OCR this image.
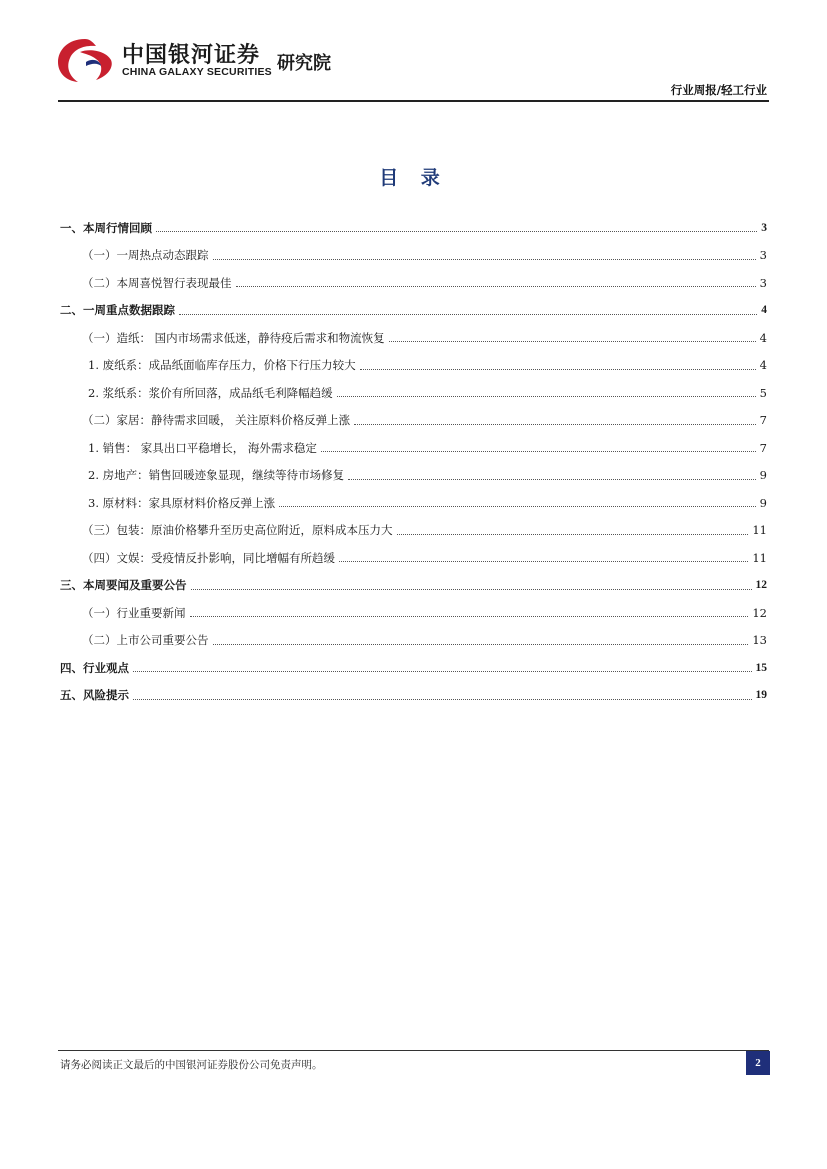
中国银河证券
CHINA GALAXY SECURITIES 研究院
行业周报/轻工行业
目 录
一、本周行情回顾	3
（一）一周热点动态跟踪	3
（二）本周喜悦智行表现最佳	3
二、一周重点数据跟踪	4
（一）造纸： 国内市场需求低迷，静待疫后需求和物流恢复	4
1. 废纸系：成品纸面临库存压力，价格下行压力较大	4
2. 浆纸系：浆价有所回落，成品纸毛利降幅趋缓	5
（二）家居：静待需求回暖， 关注原料价格反弹上涨	7
1. 销售： 家具出口平稳增长， 海外需求稳定	7
2. 房地产：销售回暖迹象显现，继续等待市场修复	9
3. 原材料：家具原材料价格反弹上涨	9
（三）包装：原油价格攀升至历史高位附近，原料成本压力大	11
（四）文娱：受疫情反扑影响，同比增幅有所趋缓	11
三、本周要闻及重要公告	12
（一）行业重要新闻	12
（二）上市公司重要公告	13
四、行业观点	15
五、风险提示	19
请务必阅读正文最后的中国银河证券股份公司免责声明。	2
